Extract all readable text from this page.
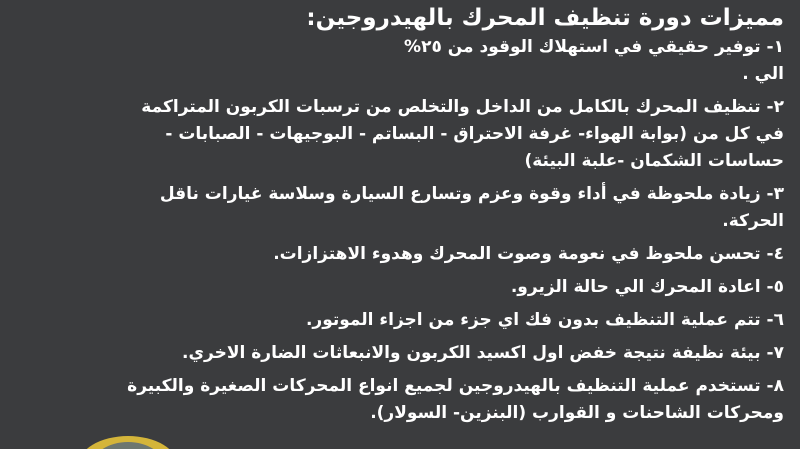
مميزات دورة تنظيف المحرك بالهيدروجين:
١- توفير حقيقي في استهلاك الوقود من ٢٥%
الي .
٢- تنظيف المحرك بالكامل من الداخل والتخلص من ترسبات الكربون المتراكمة
في كل من (بوابة الهواء- غرفة الاحتراق - البساتم - البوجيهات - الصبابات -
حساسات الشكمان -علبة البيئة)
٣- زيادة ملحوظة في أداء وقوة وعزم وتسارع السيارة وسلاسة غيارات ناقل
الحركة.
٤- تحسن ملحوظ في نعومة وصوت المحرك وهدوء الاهتزازات.
٥- اعادة المحرك الي حالة الزيرو.
٦- تتم عملية التنظيف بدون فك اي جزء من اجزاء الموتور.
٧- بيئة نظيفة نتيجة خفض اول اكسيد الكربون والانبعاثات الضارة الاخري.
٨- تستخدم عملية التنظيف بالهيدروجين لجميع انواع المحركات الصغيرة والكبيرة
ومحركات الشاحنات و القوارب (البنزين- السولار).
